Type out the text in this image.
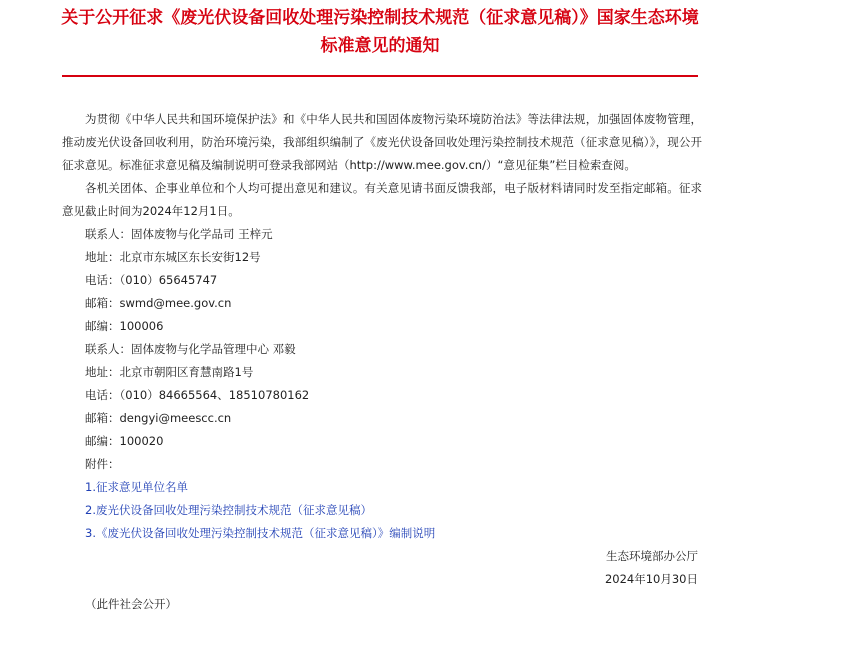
关于公开征求《废光伏设备回收处理污染控制技术规范（征求意见稿）》国家生态环境标准意见的通知

为贯彻《中华人民共和国环境保护法》和《中华人民共和国固体废物污染环境防治法》等法律法规，加强固体废物管理，推动废光伏设备回收利用，防治环境污染，我部组织编制了《废光伏设备回收处理污染控制技术规范（征求意见稿）》，现公开征求意见。标准征求意见稿及编制说明可登录我部网站（http://www.mee.gov.cn/）“意见征集”栏目检索查阅。

各机关团体、企事业单位和个人均可提出意见和建议。有关意见请书面反馈我部，电子版材料请同时发至指定邮箱。征求意见截止时间为2024年12月1日。

联系人：固体废物与化学品司 王梓元

地址：北京市东城区东长安街12号

电话：（010）65645747

邮箱：swmd@mee.gov.cn

邮编：100006

联系人：固体废物与化学品管理中心 邓毅

地址：北京市朝阳区育慧南路1号

电话：（010）84665564、18510780162

邮箱：dengyi@meescc.cn

邮编：100020

附件：

1.征求意见单位名单

2.废光伏设备回收处理污染控制技术规范（征求意见稿）

3.《废光伏设备回收处理污染控制技术规范（征求意见稿）》编制说明

生态环境部办公厅

2024年10月30日

（此件社会公开）
